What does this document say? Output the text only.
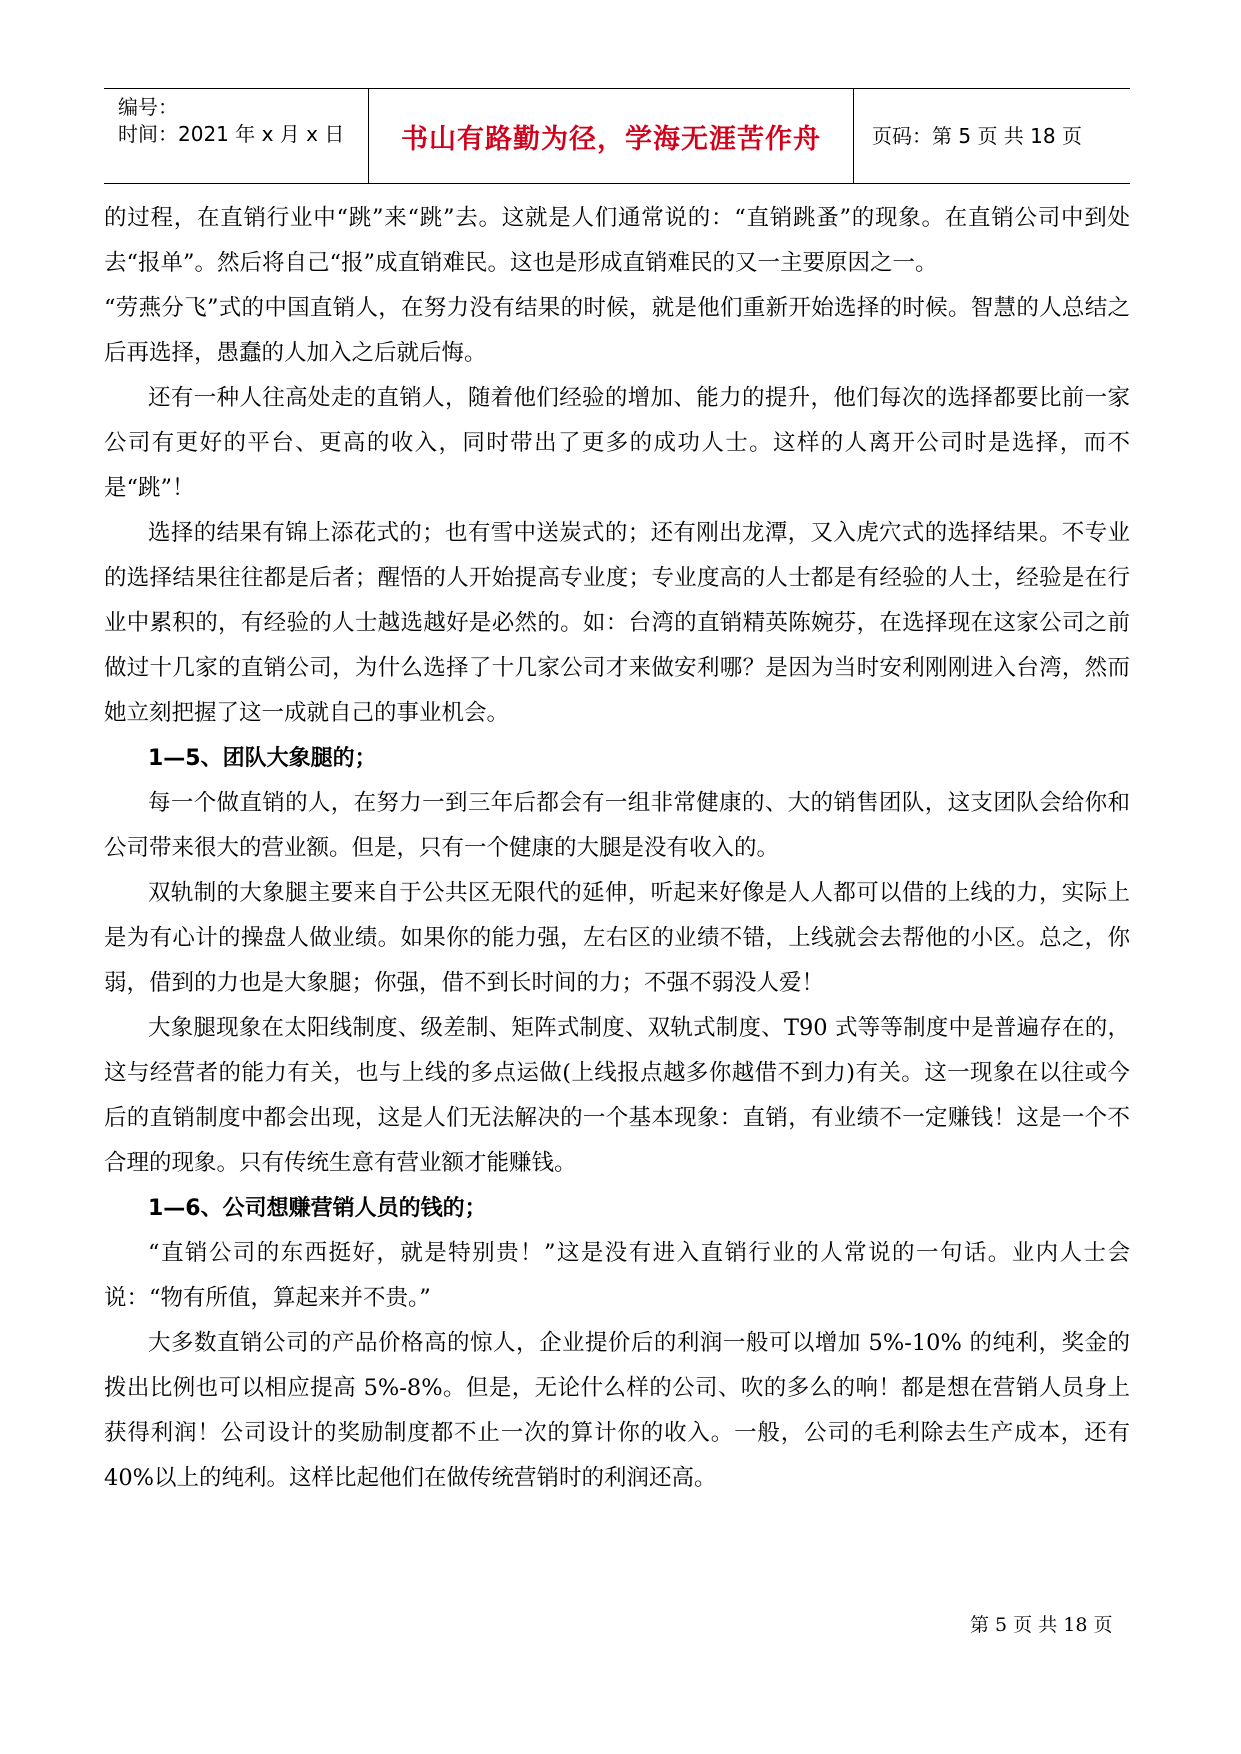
编号：
时间：2021 年 x 月 x 日 书山有路勤为径，学海无涯苦作舟	页码：第 5 页 共 18 页

的过程，在直销行业中“跳”来“跳”去。这就是人们通常说的：“直销跳蚤”的现象。在直销公司中到处去“报单”。然后将自己“报”成直销难民。这也是形成直销难民的又一主要原因之一。

“劳燕分飞”式的中国直销人，在努力没有结果的时候，就是他们重新开始选择的时候。智慧的人总结之后再选择，愚蠢的人加入之后就后悔。

还有一种人往高处走的直销人，随着他们经验的增加、能力的提升，他们每次的选择都要比前一家公司有更好的平台、更高的收入，同时带出了更多的成功人士。这样的人离开公司时是选择，而不是“跳”！

选择的结果有锦上添花式的；也有雪中送炭式的；还有刚出龙潭，又入虎穴式的选择结果。不专业的选择结果往往都是后者；醒悟的人开始提高专业度；专业度高的人士都是有经验的人士，经验是在行业中累积的，有经验的人士越选越好是必然的。如：台湾的直销精英陈婉芬，在选择现在这家公司之前做过十几家的直销公司，为什么选择了十几家公司才来做安利哪？是因为当时安利刚刚进入台湾，然而她立刻把握了这一成就自己的事业机会。

1—5、团队大象腿的；

每一个做直销的人，在努力一到三年后都会有一组非常健康的、大的销售团队，这支团队会给你和公司带来很大的营业额。但是，只有一个健康的大腿是没有收入的。

双轨制的大象腿主要来自于公共区无限代的延伸，听起来好像是人人都可以借的上线的力，实际上是为有心计的操盘人做业绩。如果你的能力强，左右区的业绩不错，上线就会去帮他的小区。总之，你弱，借到的力也是大象腿；你强，借不到长时间的力；不强不弱没人爱！

大象腿现象在太阳线制度、级差制、矩阵式制度、双轨式制度、T90 式等等制度中是普遍存在的，这与经营者的能力有关，也与上线的多点运做(上线报点越多你越借不到力)有关。这一现象在以往或今后的直销制度中都会出现，这是人们无法解决的一个基本现象：直销，有业绩不一定赚钱！这是一个不合理的现象。只有传统生意有营业额才能赚钱。

1—6、公司想赚营销人员的钱的；

“直销公司的东西挺好，就是特别贵！”这是没有进入直销行业的人常说的一句话。业内人士会说：“物有所值，算起来并不贵。”

大多数直销公司的产品价格高的惊人，企业提价后的利润一般可以增加 5%-10% 的纯利，奖金的拨出比例也可以相应提高 5%-8%。但是，无论什么样的公司、吹的多么的响！都是想在营销人员身上获得利润！公司设计的奖励制度都不止一次的算计你的收入。一般，公司的毛利除去生产成本，还有 40%以上的纯利。这样比起他们在做传统营销时的利润还高。

第 5 页 共 18 页
